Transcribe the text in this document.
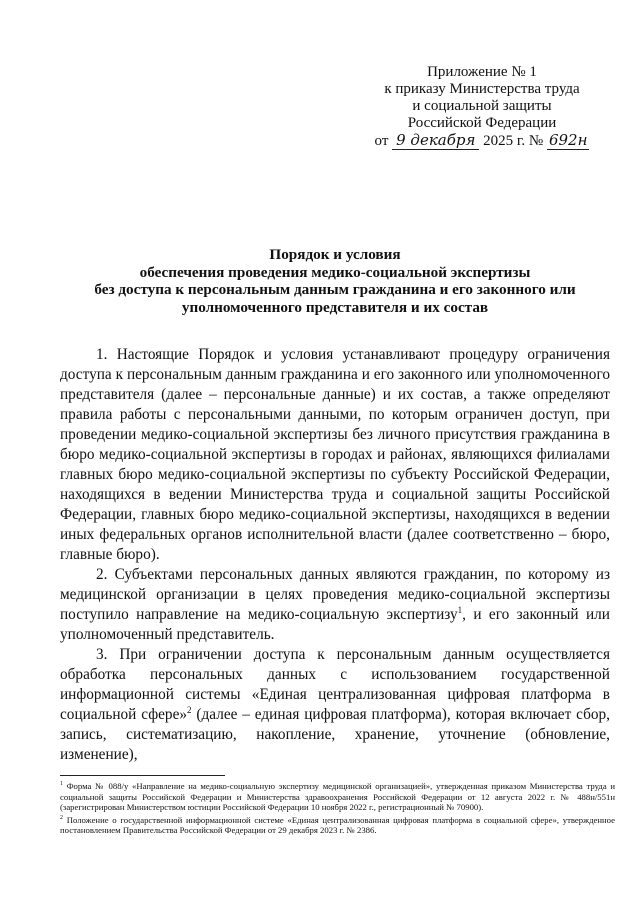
Приложение № 1
к приказу Министерства труда
и социальной защиты
Российской Федерации
от 9 декабря 2025 г. № 692н
Порядок и условия
обеспечения проведения медико-социальной экспертизы
без доступа к персональным данным гражданина и его законного или
уполномоченного представителя и их состав

1. Настоящие Порядок и условия устанавливают процедуру ограничения доступа к персональным данным гражданина и его законного или уполномоченного представителя (далее – персональные данные) и их состав, а также определяют правила работы с персональными данными, по которым ограничен доступ, при проведении медико-социальной экспертизы без личного присутствия гражданина в бюро медико-социальной экспертизы в городах и районах, являющихся филиалами главных бюро медико-социальной экспертизы по субъекту Российской Федерации, находящихся в ведении Министерства труда и социальной защиты Российской Федерации, главных бюро медико-социальной экспертизы, находящихся в ведении иных федеральных органов исполнительной власти (далее соответственно – бюро, главные бюро).

2. Субъектами персональных данных являются гражданин, по которому из медицинской организации в целях проведения медико-социальной экспертизы поступило направление на медико-социальную экспертизу$^1$, и его законный или уполномоченный представитель.

3. При ограничении доступа к персональным данным осуществляется обработка персональных данных с использованием государственной информационной системы «Единая централизованная цифровая платформа в социальной сфере»$^2$ (далее – единая цифровая платформа), которая включает сбор, запись, систематизацию, накопление, хранение, уточнение (обновление, изменение),

$^1$ Форма № 088/у «Направление на медико-социальную экспертизу медицинской организацией», утвержденная приказом Министерства труда и социальной защиты Российской Федерации и Министерства здравоохранения Российской Федерации от 12 августа 2022 г. № 488н/551н (зарегистрирован Министерством юстиции Российской Федерации 10 ноября 2022 г., регистрационный № 70900).

$^2$ Положение о государственной информационной системе «Единая централизованная цифровая платформа в социальной сфере», утвержденное постановлением Правительства Российской Федерации от 29 декабря 2023 г. № 2386.
